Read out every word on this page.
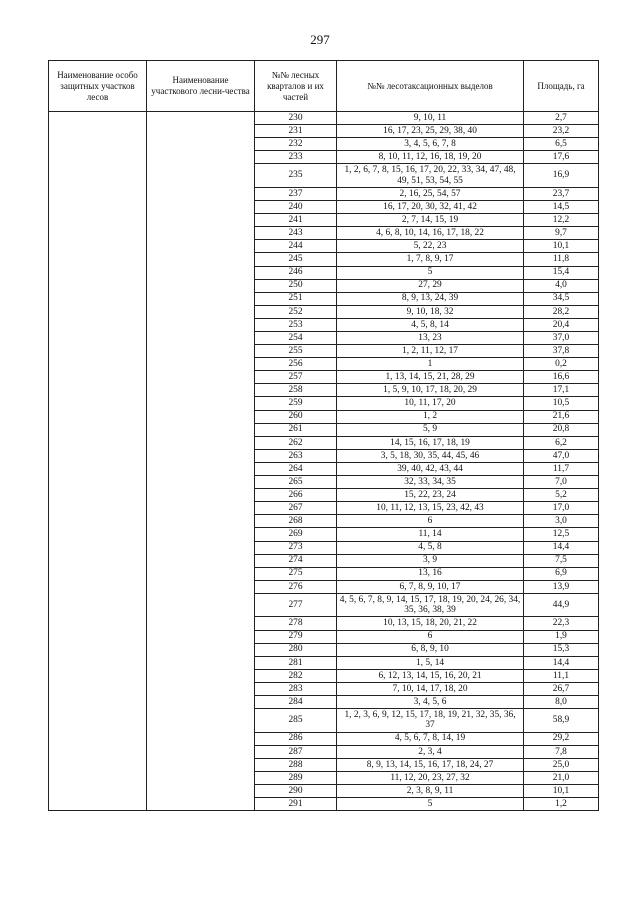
297
Наименование особо защитных участков лесов	Наименование участкового лесни-чества	№№ лесных кварталов и их частей	№№ лесотаксационных выделов	Площадь, га
		230	9, 10, 11	2,7
		231	16, 17, 23, 25, 29, 38, 40	23,2
		232	3, 4, 5, 6, 7, 8	6,5
		233	8, 10, 11, 12, 16, 18, 19, 20	17,6
		235	1, 2, 6, 7, 8, 15, 16, 17, 20, 22, 33, 34, 47, 48, 49, 51, 53, 54, 55	16,9
		237	2, 16, 25, 54, 57	23,7
		240	16, 17, 20, 30, 32, 41, 42	14,5
		241	2, 7, 14, 15, 19	12,2
		243	4, 6, 8, 10, 14, 16, 17, 18, 22	9,7
		244	5, 22, 23	10,1
		245	1, 7, 8, 9, 17	11,8
		246	5	15,4
		250	27, 29	4,0
		251	8, 9, 13, 24, 39	34,5
		252	9, 10, 18, 32	28,2
		253	4, 5, 8, 14	20,4
		254	13, 23	37,0
		255	1, 2, 11, 12, 17	37,8
		256	1	0,2
		257	1, 13, 14, 15, 21, 28, 29	16,6
		258	1, 5, 9, 10, 17, 18, 20, 29	17,1
		259	10, 11, 17, 20	10,5
		260	1, 2	21,6
		261	5, 9	20,8
		262	14, 15, 16, 17, 18, 19	6,2
		263	3, 5, 18, 30, 35, 44, 45, 46	47,0
		264	39, 40, 42, 43, 44	11,7
		265	32, 33, 34, 35	7,0
		266	15, 22, 23, 24	5,2
		267	10, 11, 12, 13, 15, 23, 42, 43	17,0
		268	6	3,0
		269	11, 14	12,5
		273	4, 5, 8	14,4
		274	3, 9	7,5
		275	13, 16	6,9
		276	6, 7, 8, 9, 10, 17	13,9
		277	4, 5, 6, 7, 8, 9, 14, 15, 17, 18, 19, 20, 24, 26, 34, 35, 36, 38, 39	44,9
		278	10, 13, 15, 18, 20, 21, 22	22,3
		279	6	1,9
		280	6, 8, 9, 10	15,3
		281	1, 5, 14	14,4
		282	6, 12, 13, 14, 15, 16, 20, 21	11,1
		283	7, 10, 14, 17, 18, 20	26,7
		284	3, 4, 5, 6	8,0
		285	1, 2, 3, 6, 9, 12, 15, 17, 18, 19, 21, 32, 35, 36, 37	58,9
		286	4, 5, 6, 7, 8, 14, 19	29,2
		287	2, 3, 4	7,8
		288	8, 9, 13, 14, 15, 16, 17, 18, 24, 27	25,0
		289	11, 12, 20, 23, 27, 32	21,0
		290	2, 3, 8, 9, 11	10,1
		291	5	1,2
